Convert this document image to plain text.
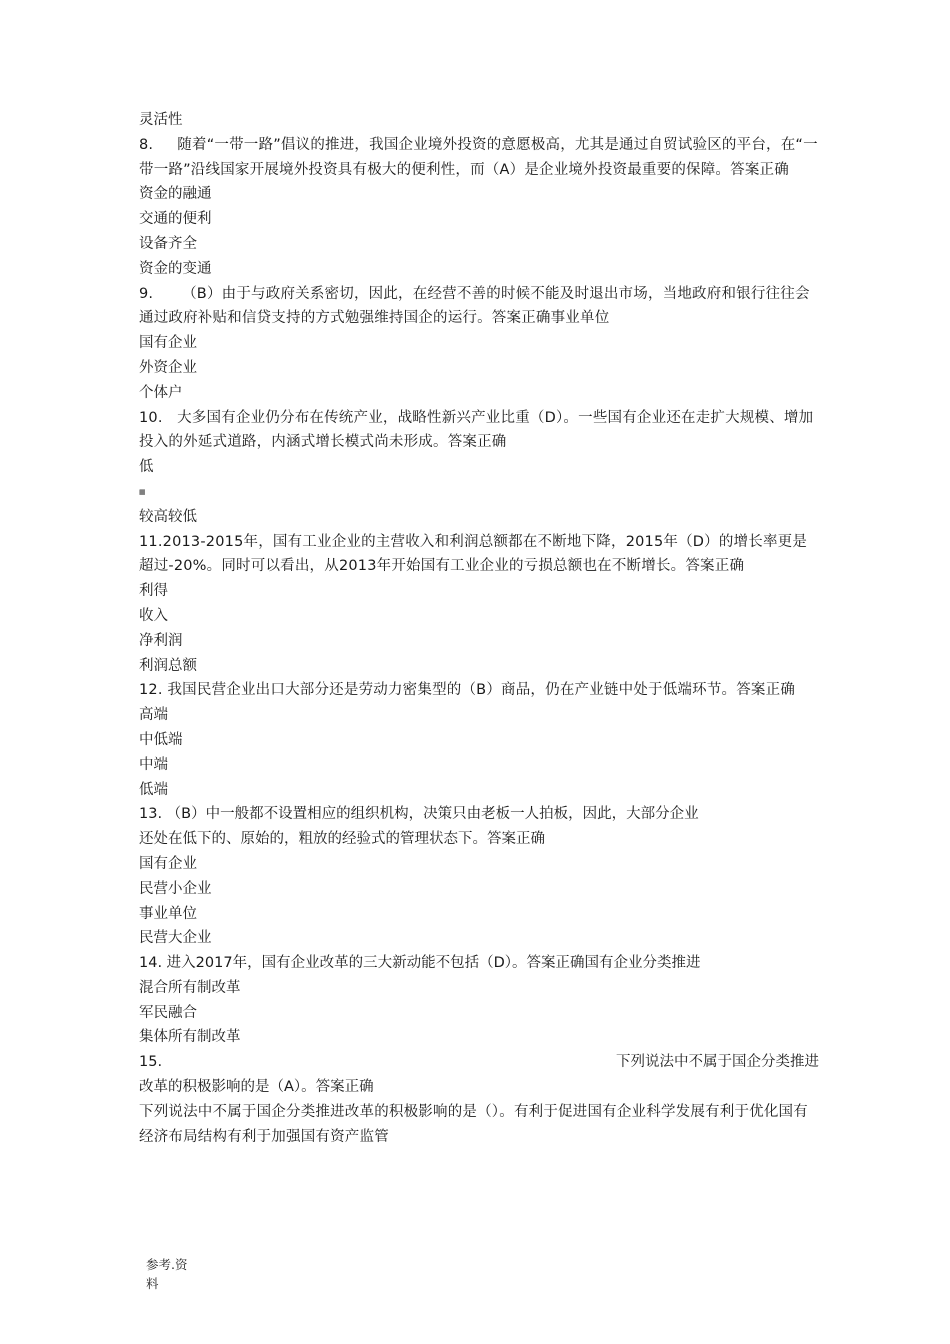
灵活性
8. 随着“一带一路”倡议的推进，我国企业境外投资的意愿极高，尤其是通过自贸试验区的平台，在“一带一路”沿线国家开展境外投资具有极大的便利性，而（A）是企业境外投资最重要的保障。答案正确
资金的融通
交通的便利
设备齐全
资金的变通
9. （B）由于与政府关系密切，因此，在经营不善的时候不能及时退出市场，当地政府和银行往往会通过政府补贴和信贷支持的方式勉强维持国企的运行。答案正确事业单位
国有企业
外资企业
个体户
10. 大多国有企业仍分布在传统产业，战略性新兴产业比重（D）。一些国有企业还在走扩大规模、增加投入的外延式道路，内涵式增长模式尚未形成。答案正确
低
▦
较高较低
11.2013-2015年，国有工业企业的主营收入和利润总额都在不断地下降，2015年（D）的增长率更是超过-20%。同时可以看出，从2013年开始国有工业企业的亏损总额也在不断增长。答案正确
利得
收入
净利润
利润总额
12. 我国民营企业出口大部分还是劳动力密集型的（B）商品，仍在产业链中处于低端环节。答案正确
高端
中低端
中端
低端
13. （B）中一般都不设置相应的组织机构，决策只由老板一人拍板，因此，大部分企业
还处在低下的、原始的，粗放的经验式的管理状态下。答案正确
国有企业
民营小企业
事业单位
民营大企业
14. 进入2017年，国有企业改革的三大新动能不包括（D）。答案正确国有企业分类推进
混合所有制改革
军民融合
集体所有制改革
15.	下列说法中不属于国企分类推进
改革的积极影响的是（A）。答案正确
下列说法中不属于国企分类推进改革的积极影响的是（）。有利于促进国有企业科学发展有利于优化国有经济布局结构有利于加强国有资产监管
参考.资
料
